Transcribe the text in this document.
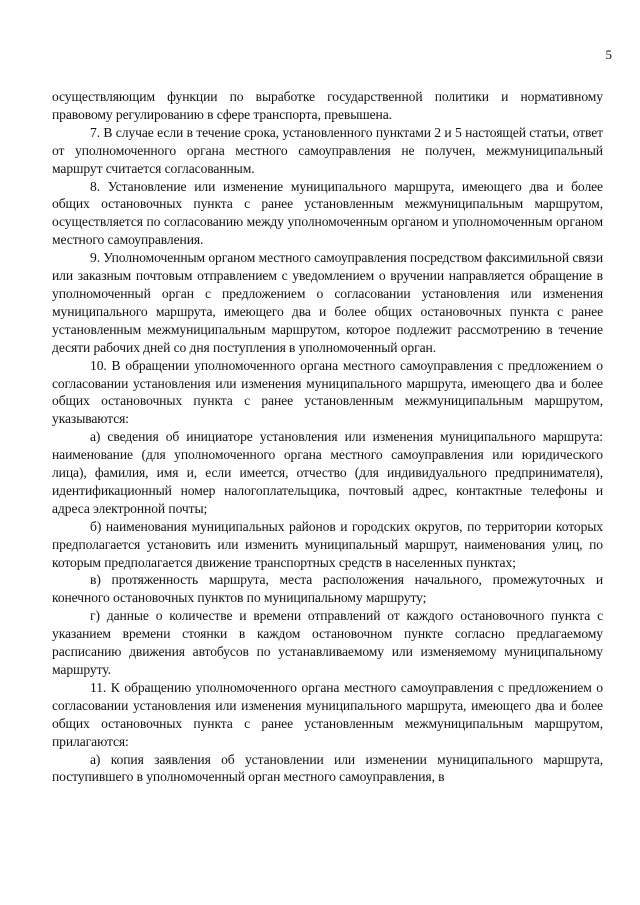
5

осуществляющим функции по выработке государственной политики и нормативному правовому регулированию в сфере транспорта, превышена.

7. В случае если в течение срока, установленного пунктами 2 и 5 настоящей статьи, ответ от уполномоченного органа местного самоуправления не получен, межмуниципальный маршрут считается согласованным.

8. Установление или изменение муниципального маршрута, имеющего два и более общих остановочных пункта с ранее установленным межмуниципальным маршрутом, осуществляется по согласованию между уполномоченным органом и уполномоченным органом местного самоуправления.

9. Уполномоченным органом местного самоуправления посредством факсимильной связи или заказным почтовым отправлением с уведомлением о вручении направляется обращение в уполномоченный орган с предложением о согласовании установления или изменения муниципального маршрута, имеющего два и более общих остановочных пункта с ранее установленным межмуниципальным маршрутом, которое подлежит рассмотрению в течение десяти рабочих дней со дня поступления в уполномоченный орган.

10. В обращении уполномоченного органа местного самоуправления с предложением о согласовании установления или изменения муниципального маршрута, имеющего два и более общих остановочных пункта с ранее установленным межмуниципальным маршрутом, указываются:

а) сведения об инициаторе установления или изменения муниципального маршрута: наименование (для уполномоченного органа местного самоуправления или юридического лица), фамилия, имя и, если имеется, отчество (для индивидуального предпринимателя), идентификационный номер налогоплательщика, почтовый адрес, контактные телефоны и адреса электронной почты;

б) наименования муниципальных районов и городских округов, по территории которых предполагается установить или изменить муниципальный маршрут, наименования улиц, по которым предполагается движение транспортных средств в населенных пунктах;

в) протяженность маршрута, места расположения начального, промежуточных и конечного остановочных пунктов по муниципальному маршруту;

г) данные о количестве и времени отправлений от каждого остановочного пункта с указанием времени стоянки в каждом остановочном пункте согласно предлагаемому расписанию движения автобусов по устанавливаемому или изменяемому муниципальному маршруту.

11. К обращению уполномоченного органа местного самоуправления с предложением о согласовании установления или изменения муниципального маршрута, имеющего два и более общих остановочных пункта с ранее установленным межмуниципальным маршрутом, прилагаются:

а) копия заявления об установлении или изменении муниципального маршрута, поступившего в уполномоченный орган местного самоуправления, в
